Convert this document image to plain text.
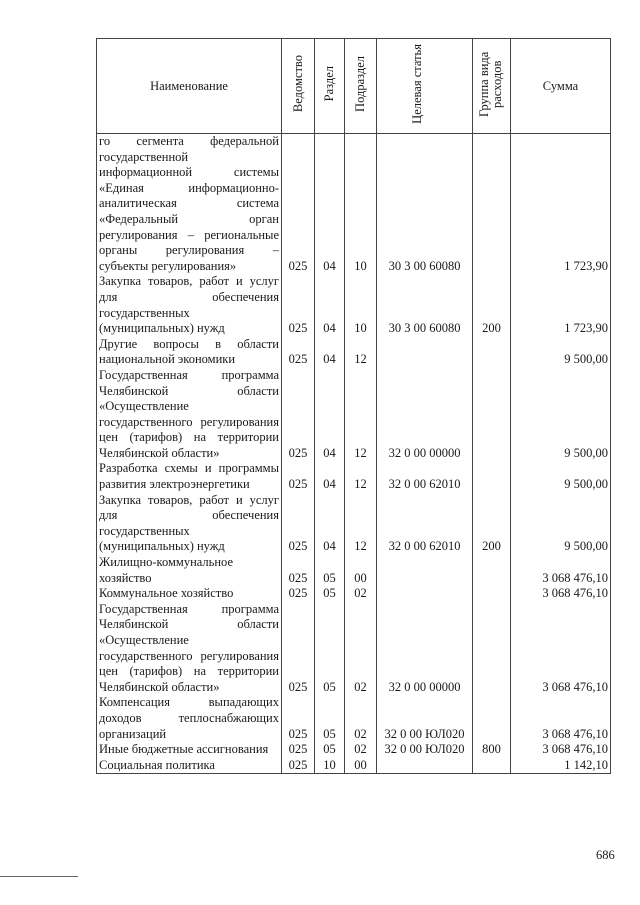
Наименование	Ведомство	Раздел	Подраздел	Целевая статья	Группа вида расходов	Сумма
го сегмента федеральной государственной информационной системы «Единая информационно-аналитическая система «Федеральный орган регулирования – региональные органы регулирования – субъекты регулирования»	025	04	10	30 3 00 60080		1 723,90
Закупка товаров, работ и услуг для обеспечения государственных (муниципальных) нужд	025	04	10	30 3 00 60080	200	1 723,90
Другие вопросы в области национальной экономики	025	04	12			9 500,00
Государственная программа Челябинской области «Осуществление государственного регулирования цен (тарифов) на территории Челябинской области»	025	04	12	32 0 00 00000		9 500,00
Разработка схемы и программы развития электроэнергетики	025	04	12	32 0 00 62010		9 500,00
Закупка товаров, работ и услуг для обеспечения государственных (муниципальных) нужд	025	04	12	32 0 00 62010	200	9 500,00
Жилищно-коммунальное хозяйство	025	05	00			3 068 476,10
Коммунальное хозяйство	025	05	02			3 068 476,10
Государственная программа Челябинской области «Осуществление государственного регулирования цен (тарифов) на территории Челябинской области»	025	05	02	32 0 00 00000		3 068 476,10
Компенсация выпадающих доходов теплоснабжающих организаций	025	05	02	32 0 00 ЮЛ020		3 068 476,10
Иные бюджетные ассигнования	025	05	02	32 0 00 ЮЛ020	800	3 068 476,10
Социальная политика	025	10	00			1 142,10
686
